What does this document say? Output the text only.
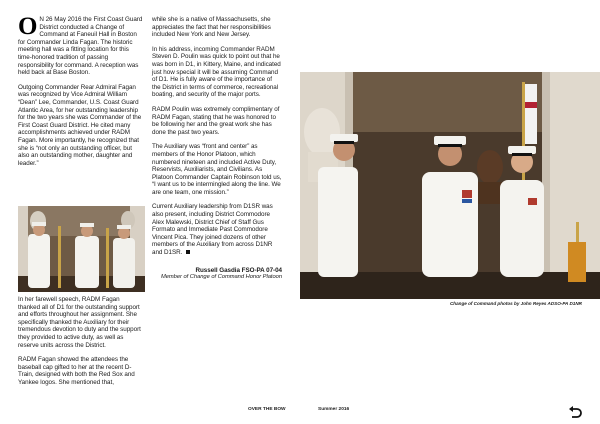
O N 26 May 2016 the First Coast Guard District conducted a Change of Command at Faneuil Hall in Boston for Commander Linda Fagan. The historic meeting hall was a fitting location for this time-honored tradition of passing responsibility for command. A reception was held back at Base Boston.

Outgoing Commander Rear Admiral Fagan was recognized by Vice Admiral William “Dean” Lee, Commander, U.S. Coast Guard Atlantic Area, for her outstanding leadership for the two years she was Commander of the First Coast Guard District. He cited many accomplishments achieved under RADM Fagan. More importantly, he recognized that she is “not only an outstanding officer, but also an outstanding mother, daughter and leader.”

In her farewell speech, RADM Fagan thanked all of D1 for the outstanding support and efforts throughout her assignment. She specifically thanked the Auxiliary for their tremendous devotion to duty and the support they provided to active duty, as well as reserve units across the District.

RADM Fagan showed the attendees the baseball cap gifted to her at the recent D-Train, designed with both the Red Sox and Yankee logos. She mentioned that,

while she is a native of Massachusetts, she appreciates the fact that her responsibilities included New York and New Jersey.

In his address, incoming Commander RADM Steven D. Poulin was quick to point out that he was born in D1, in Kittery, Maine, and indicated just how special it will be assuming Command of D1. He is fully aware of the importance of the District in terms of commerce, recreational boating, and security of the major ports.

RADM Poulin was extremely complimentary of RADM Fagan, stating that he was honored to be following her and the great work she has done the past two years.

The Auxiliary was “front and center” as members of the Honor Platoon, which numbered nineteen and included Active Duty, Reservists, Auxiliarists, and Civilians. As Platoon Commander Captain Robinson told us, “I want us to be intermingled along the line. We are one team, one mission.”

Current Auxiliary leadership from D1SR was also present, including District Commodore Alex Malewski, District Chief of Staff Gus Formato and Immediate Past Commodore Vincent Pica. They joined dozens of other members of the Auxiliary from across D1NR and D1SR.

Russell Gasdia FSO-PA 07-04
Member of Change of Command Honor Platoon
Change of Command photos by John Reyes ADSO-PA D1NR
OVER THE BOW	Summer 2016
